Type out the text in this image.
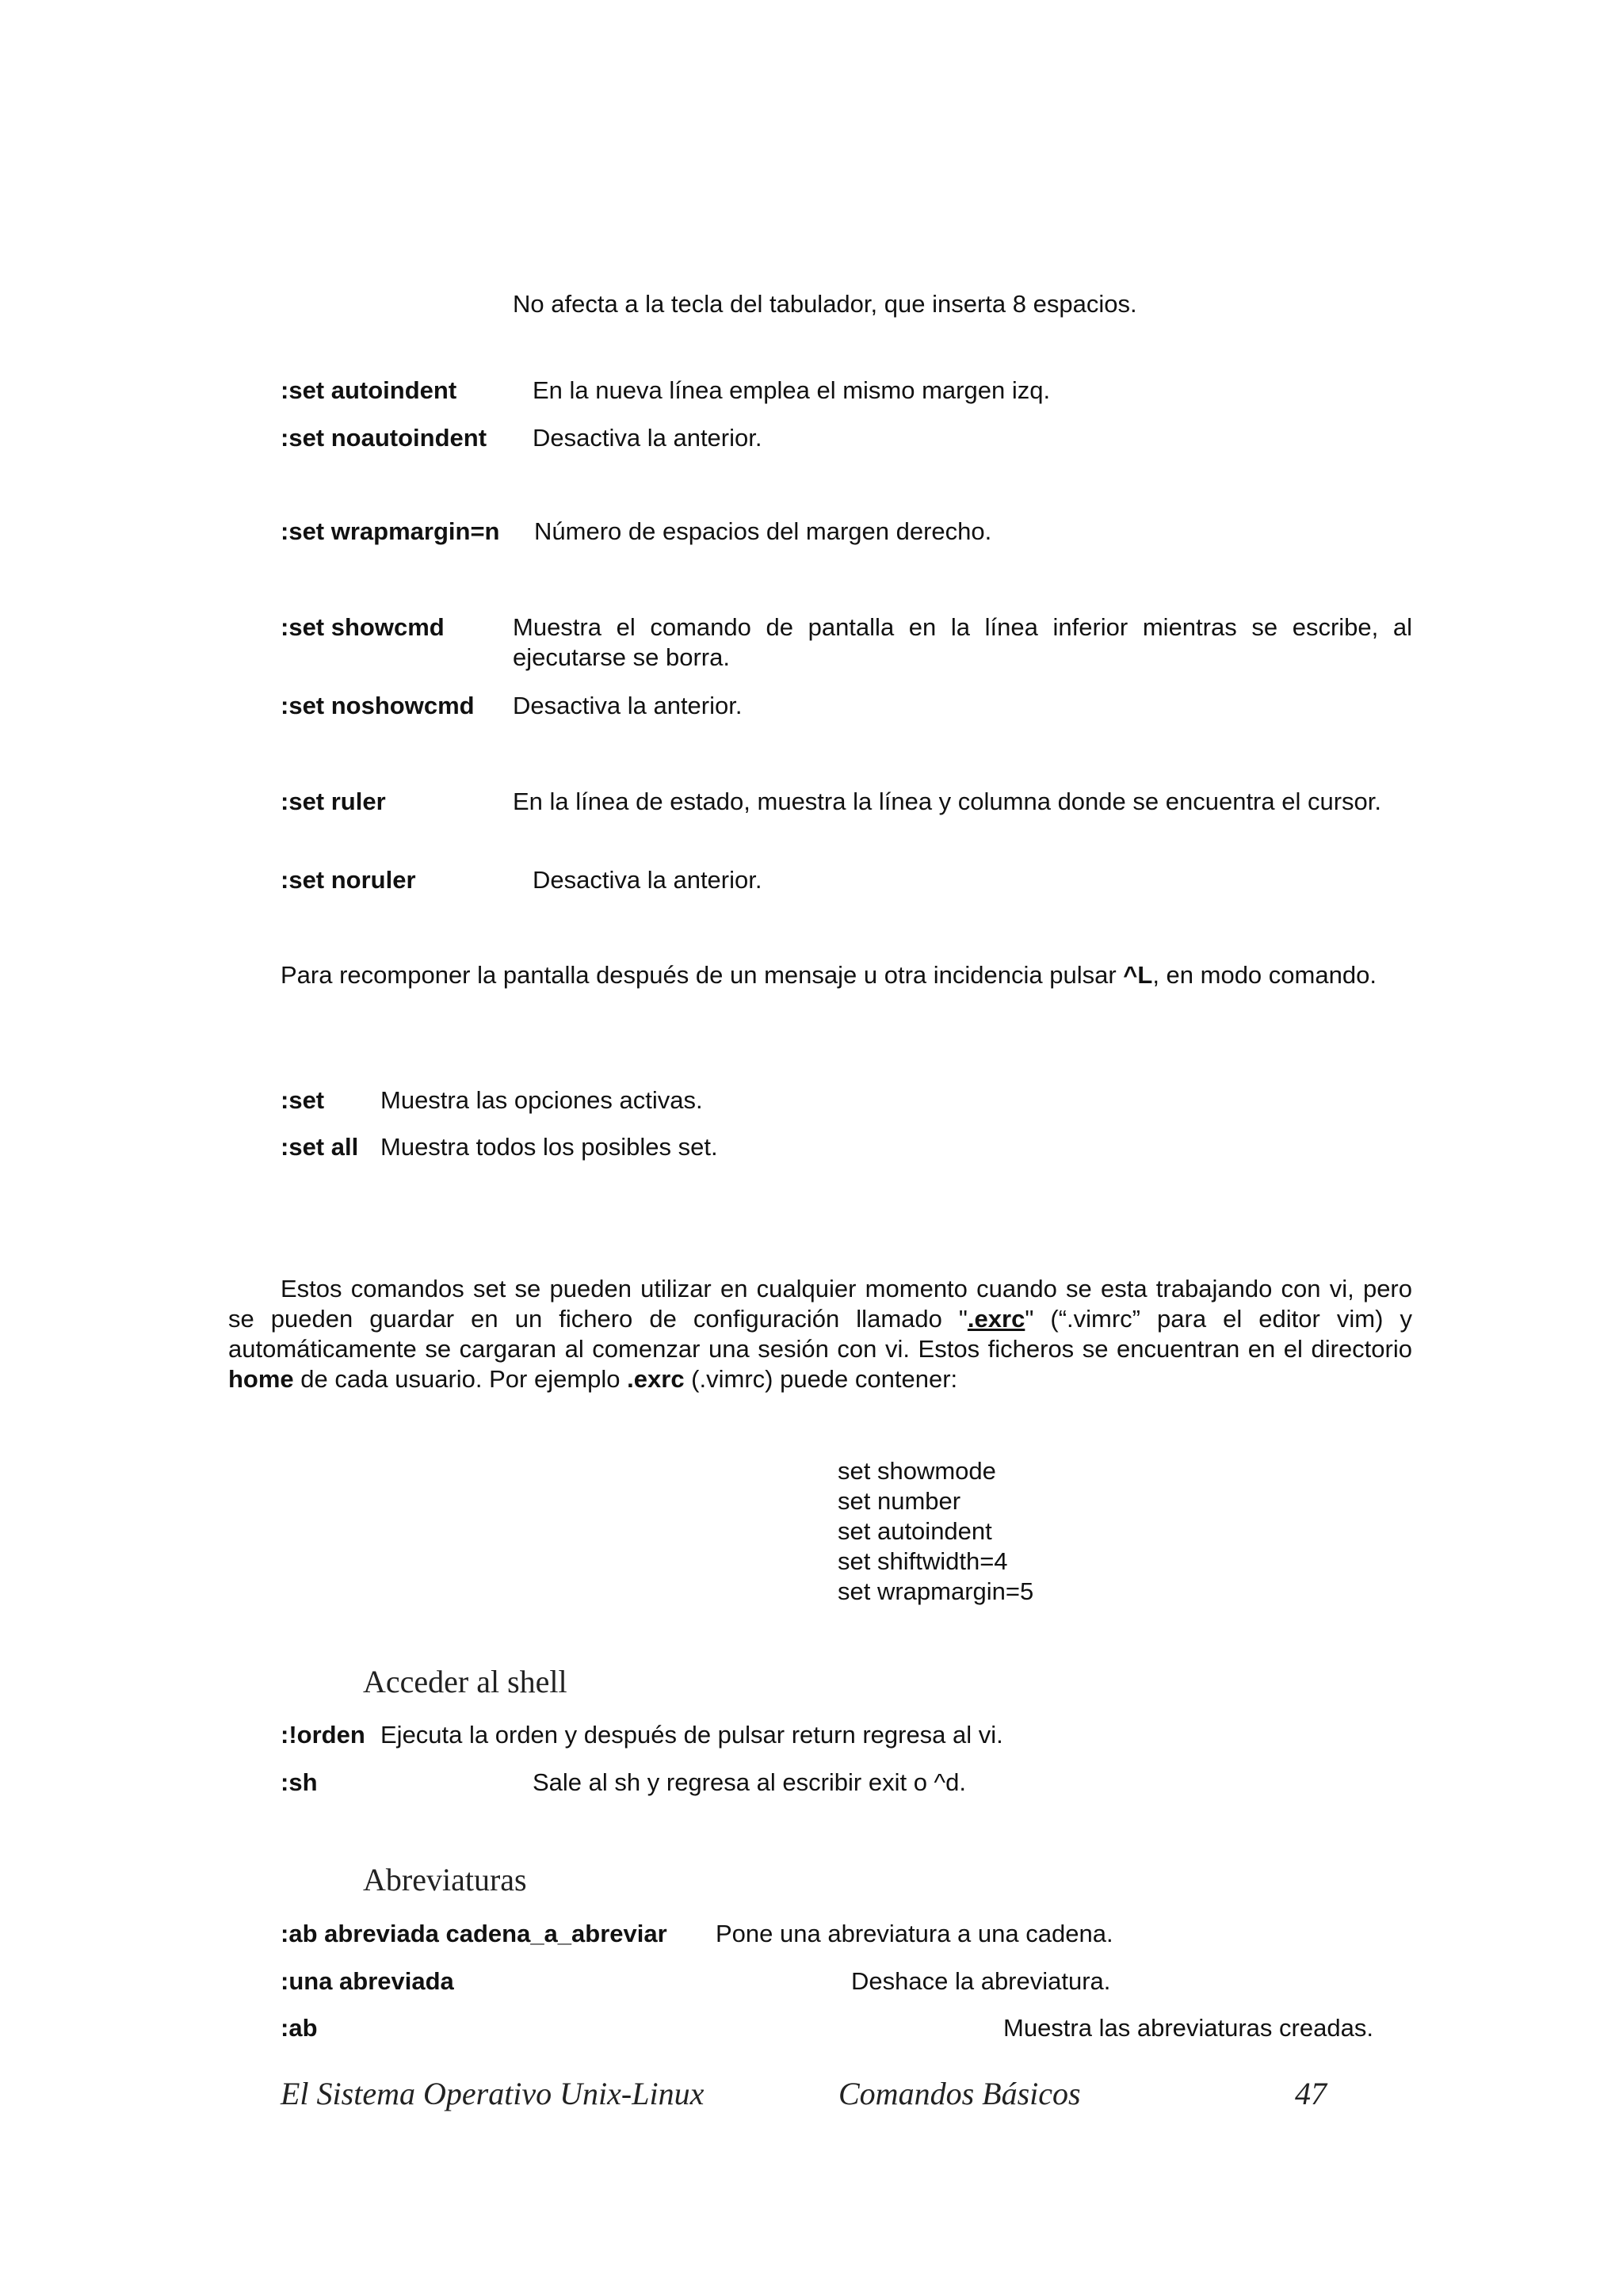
No afecta a la tecla del tabulador, que inserta 8 espacios.

:set autoindent	En la nueva línea emplea el mismo margen izq.
:set noautoindent Desactiva la anterior.
:set wrapmargin=n Número de espacios del margen derecho.
:set showcmd	Muestra el comando de pantalla en la línea inferior mientras se escribe, al ejecutarse se borra.

:set noshowcmd Desactiva la anterior.
:set ruler	En la línea de estado, muestra la línea y columna donde se encuentra el cursor.

:set noruler	Desactiva la anterior.

Para recomponer la pantalla después de un mensaje u otra incidencia pulsar ^L, en modo comando.

:set Muestra las opciones activas.
:set all Muestra todos los posibles set.

Estos comandos set se pueden utilizar en cualquier momento cuando se esta trabajando con vi, pero se pueden guardar en un fichero de configuración llamado ".exrc" (“.vimrc” para el editor vim) y automáticamente se cargaran al comenzar una sesión con vi. Estos ficheros se encuentran en el directorio home de cada usuario. Por ejemplo .exrc (.vimrc) puede contener:

set showmode
set number
set autoindent
set shiftwidth=4
set wrapmargin=5
Acceder al shell
:!orden Ejecuta la orden y después de pulsar return regresa al vi.
:sh	Sale al sh y regresa al escribir exit o ^d.
Abreviaturas
:ab abreviada cadena_a_abreviar Pone una abreviatura a una cadena.
:una abreviada	Deshace la abreviatura.
:ab	Muestra las abreviaturas creadas.
El Sistema Operativo Unix-Linux	Comandos Básicos	47
